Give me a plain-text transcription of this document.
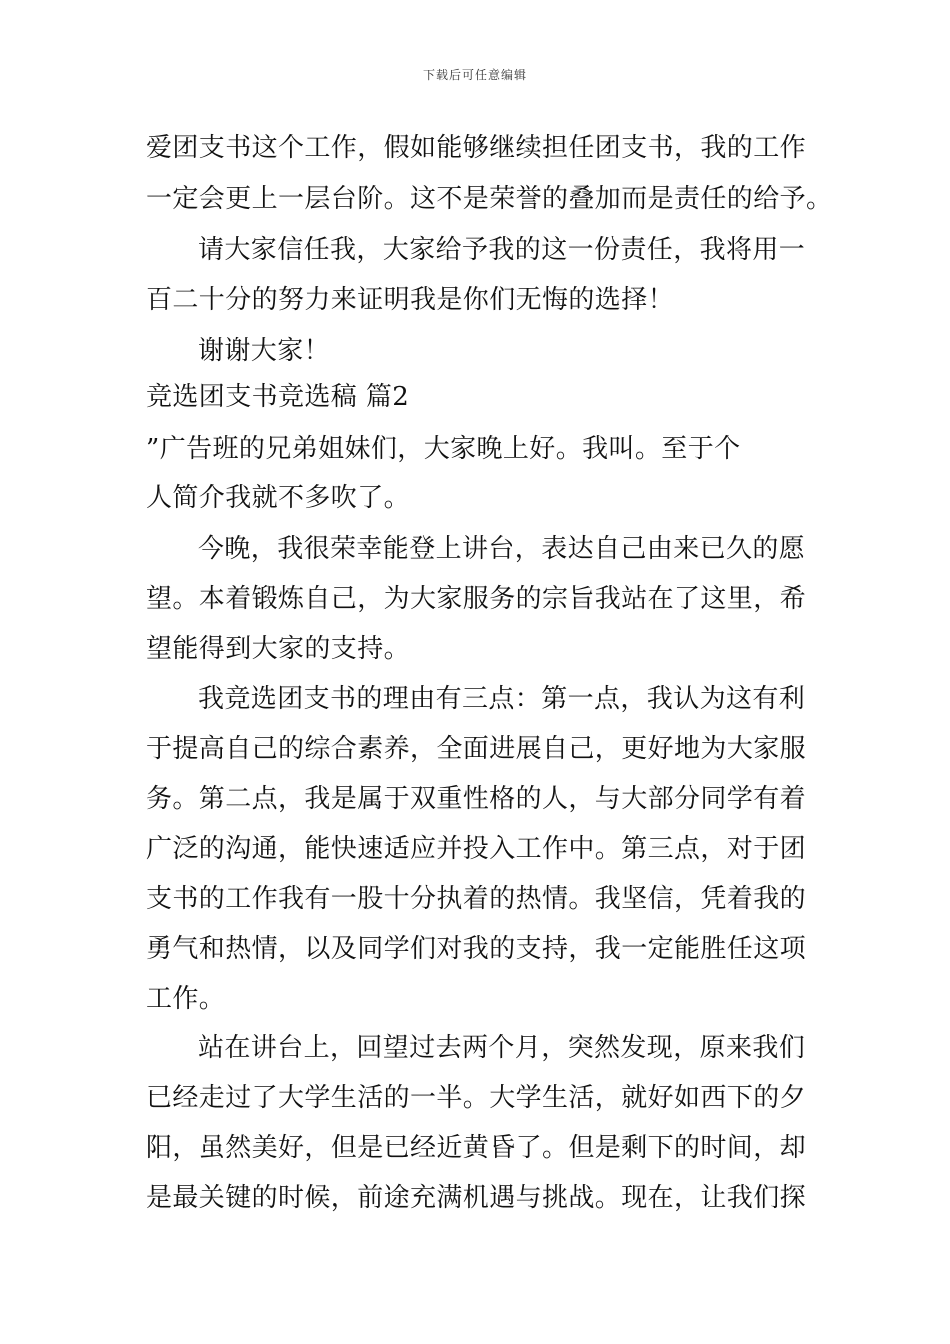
下载后可任意编辑
爱团支书这个工作，假如能够继续担任团支书，我的工作
一定会更上一层台阶。这不是荣誉的叠加而是责任的给予。
请大家信任我，大家给予我的这一份责任，我将用一
百二十分的努力来证明我是你们无悔的选择！
谢谢大家！
竞选团支书竞选稿 篇2
”广告班的兄弟姐妹们，大家晚上好。我叫。至于个
人简介我就不多吹了。
今晚，我很荣幸能登上讲台，表达自己由来已久的愿
望。本着锻炼自己，为大家服务的宗旨我站在了这里，希
望能得到大家的支持。
我竞选团支书的理由有三点：第一点，我认为这有利
于提高自己的综合素养，全面进展自己，更好地为大家服
务。第二点，我是属于双重性格的人，与大部分同学有着
广泛的沟通，能快速适应并投入工作中。第三点，对于团
支书的工作我有一股十分执着的热情。我坚信，凭着我的
勇气和热情，以及同学们对我的支持，我一定能胜任这项
工作。
站在讲台上，回望过去两个月，突然发现，原来我们
已经走过了大学生活的一半。大学生活，就好如西下的夕
阳，虽然美好，但是已经近黄昏了。但是剩下的时间，却
是最关键的时候，前途充满机遇与挑战。现在，让我们探
